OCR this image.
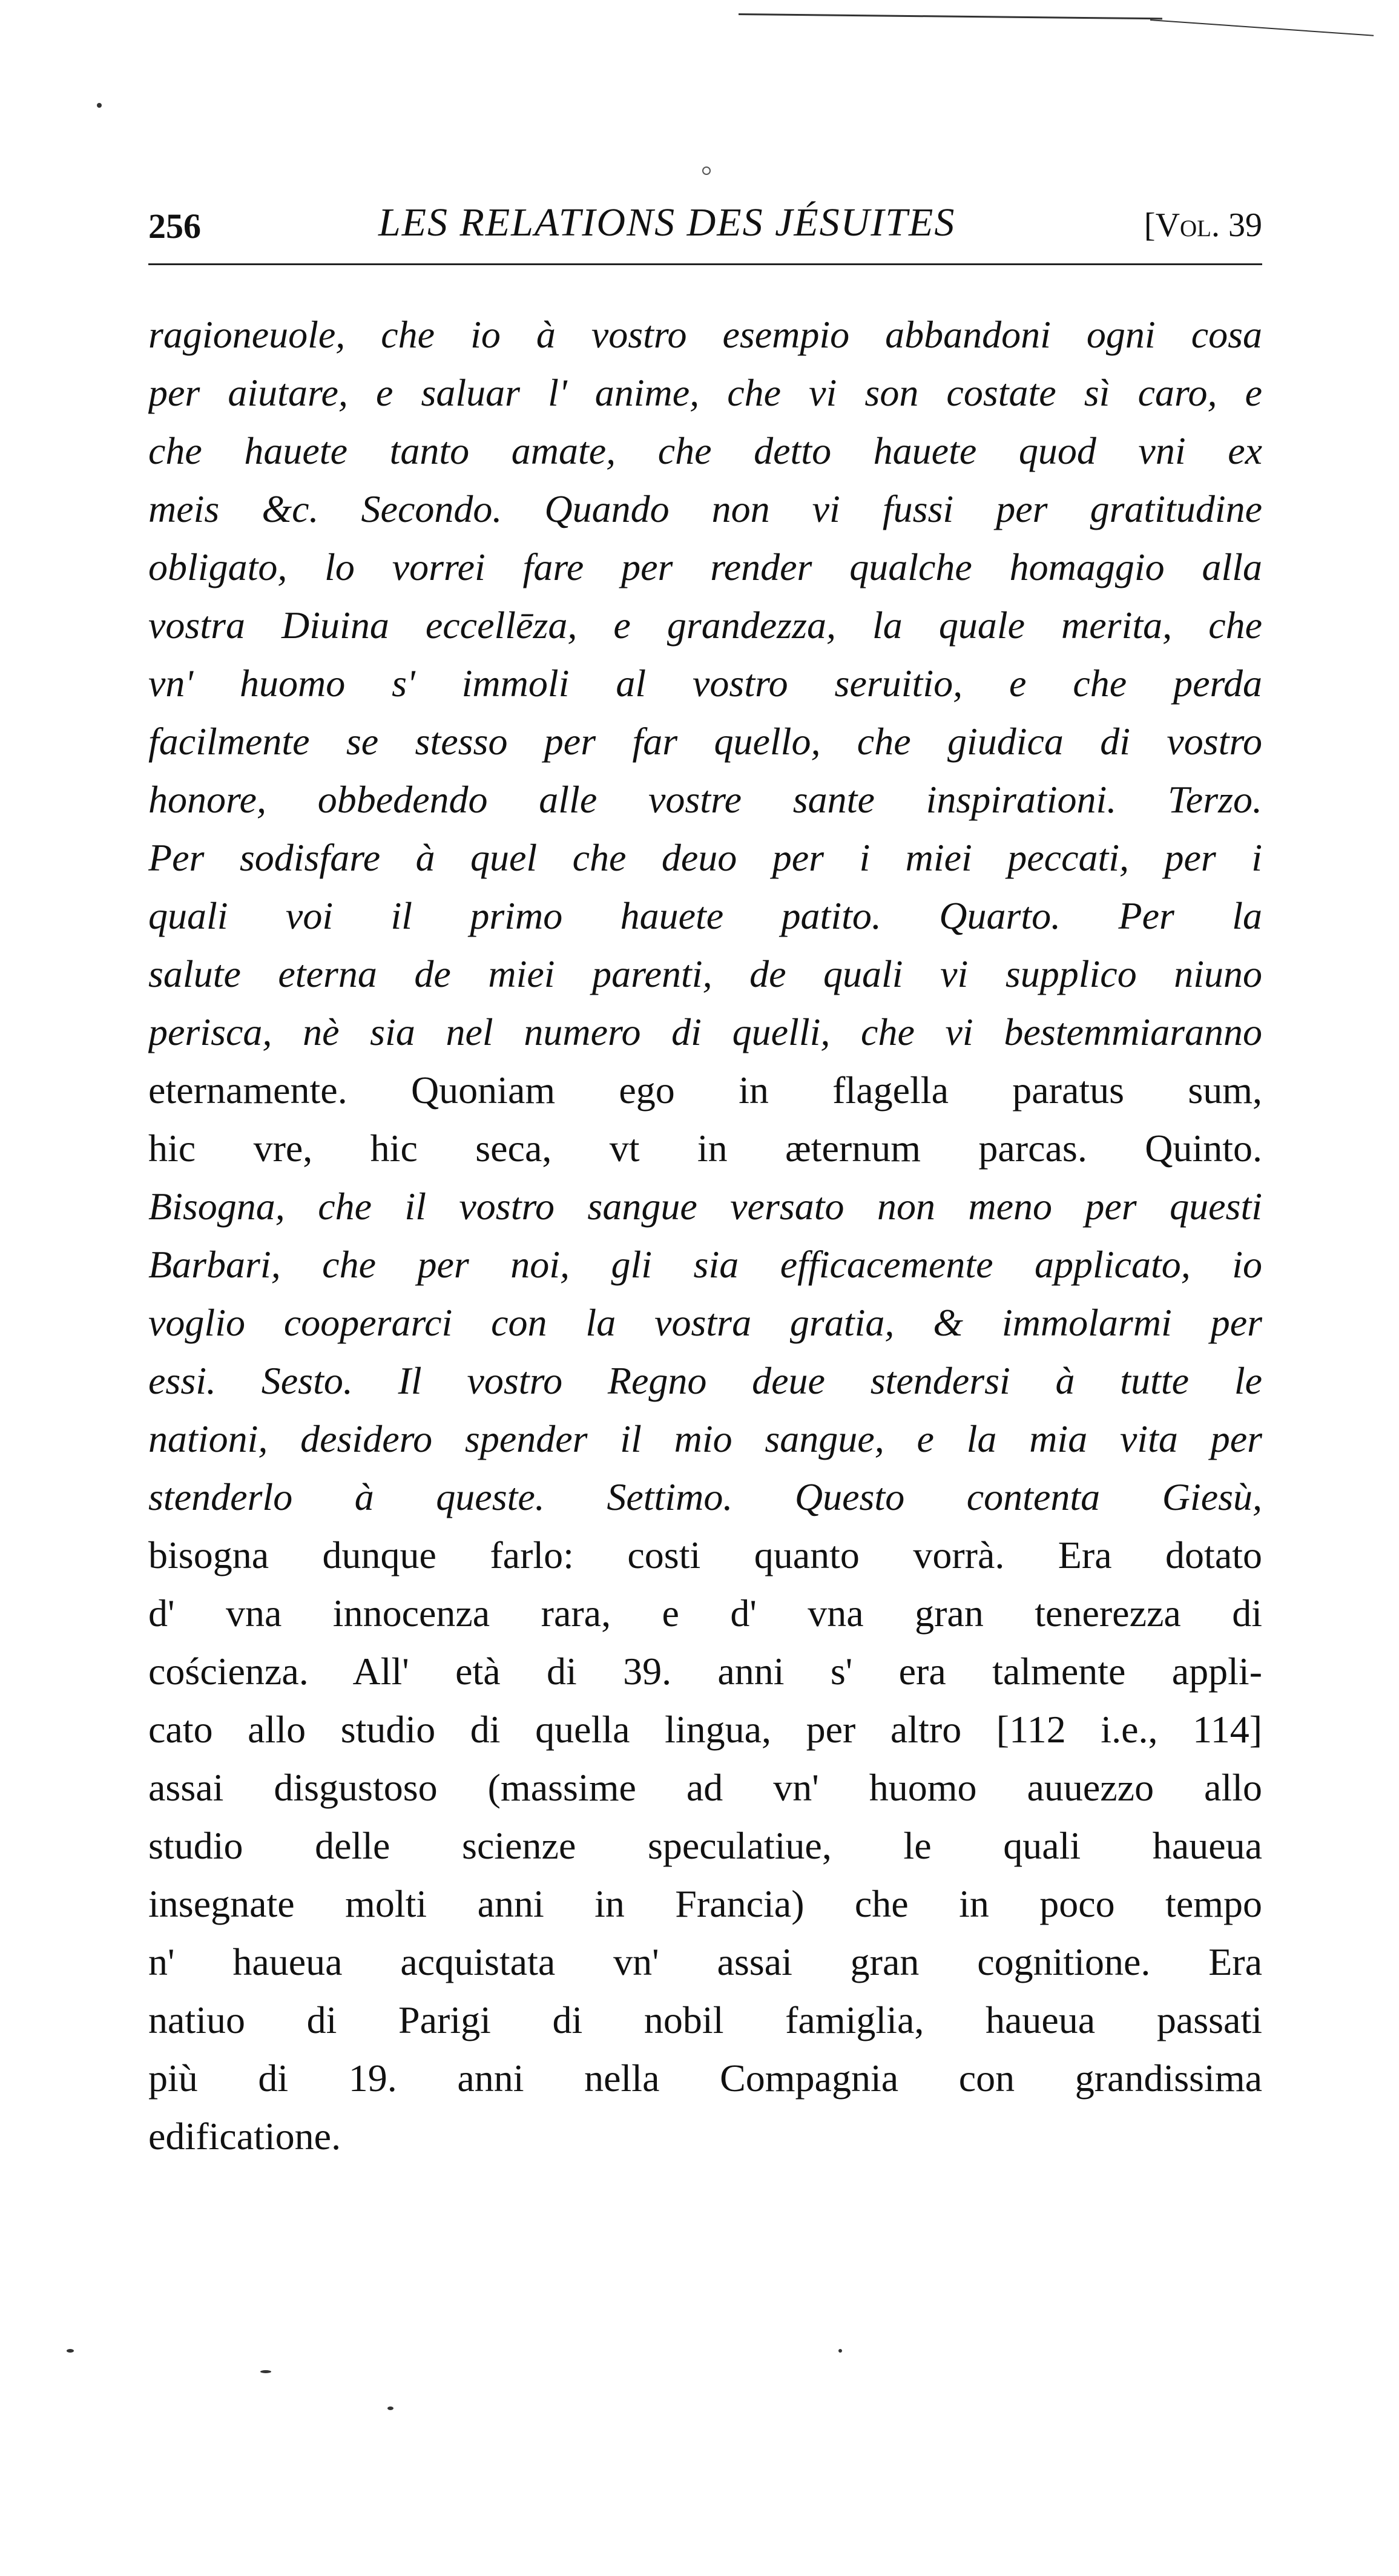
256	LES RELATIONS DES JÉSUITES	[Vol. 39
ragioneuole, che io à vostro esempio abbandoni ogni cosa
per aiutare, e saluar l' anime, che vi son costate sì caro, e
che hauete tanto amate, che detto hauete quod vni ex
meis &c. Secondo. Quando non vi fussi per gratitudine
obligato, lo vorrei fare per render qualche homaggio alla
vostra Diuina eccellēza, e grandezza, la quale merita, che
vn' huomo s' immoli al vostro seruitio, e che perda
facilmente se stesso per far quello, che giudica di vostro
honore, obbedendo alle vostre sante inspirationi. Terzo.
Per sodisfare à quel che deuo per i miei peccati, per i
quali voi il primo hauete patito. Quarto. Per la
salute eterna de miei parenti, de quali vi supplico niuno
perisca, nè sia nel numero di quelli, che vi bestemmiaranno
eternamente. Quoniam ego in flagella paratus sum,
hic vre, hic seca, vt in æternum parcas. Quinto.
Bisogna, che il vostro sangue versato non meno per questi
Barbari, che per noi, gli sia efficacemente applicato, io
voglio cooperarci con la vostra gratia, & immolarmi per
essi. Sesto. Il vostro Regno deue stendersi à tutte le
nationi, desidero spender il mio sangue, e la mia vita per
stenderlo à queste. Settimo. Questo contenta Giesù,
bisogna dunque farlo: costi quanto vorrà. Era dotato
d' vna innocenza rara, e d' vna gran tenerezza di
cościenza. All' età di 39. anni s' era talmente appli-
cato allo studio di quella lingua, per altro [112 i.e., 114]
assai disgustoso (massime ad vn' huomo auuezzo allo
studio delle scienze speculatiue, le quali haueua
insegnate molti anni in Francia) che in poco tempo
n' haueua acquistata vn' assai gran cognitione. Era
natiuo di Parigi di nobil famiglia, haueua passati
più di 19. anni nella Compagnia con grandissima
edificatione.
